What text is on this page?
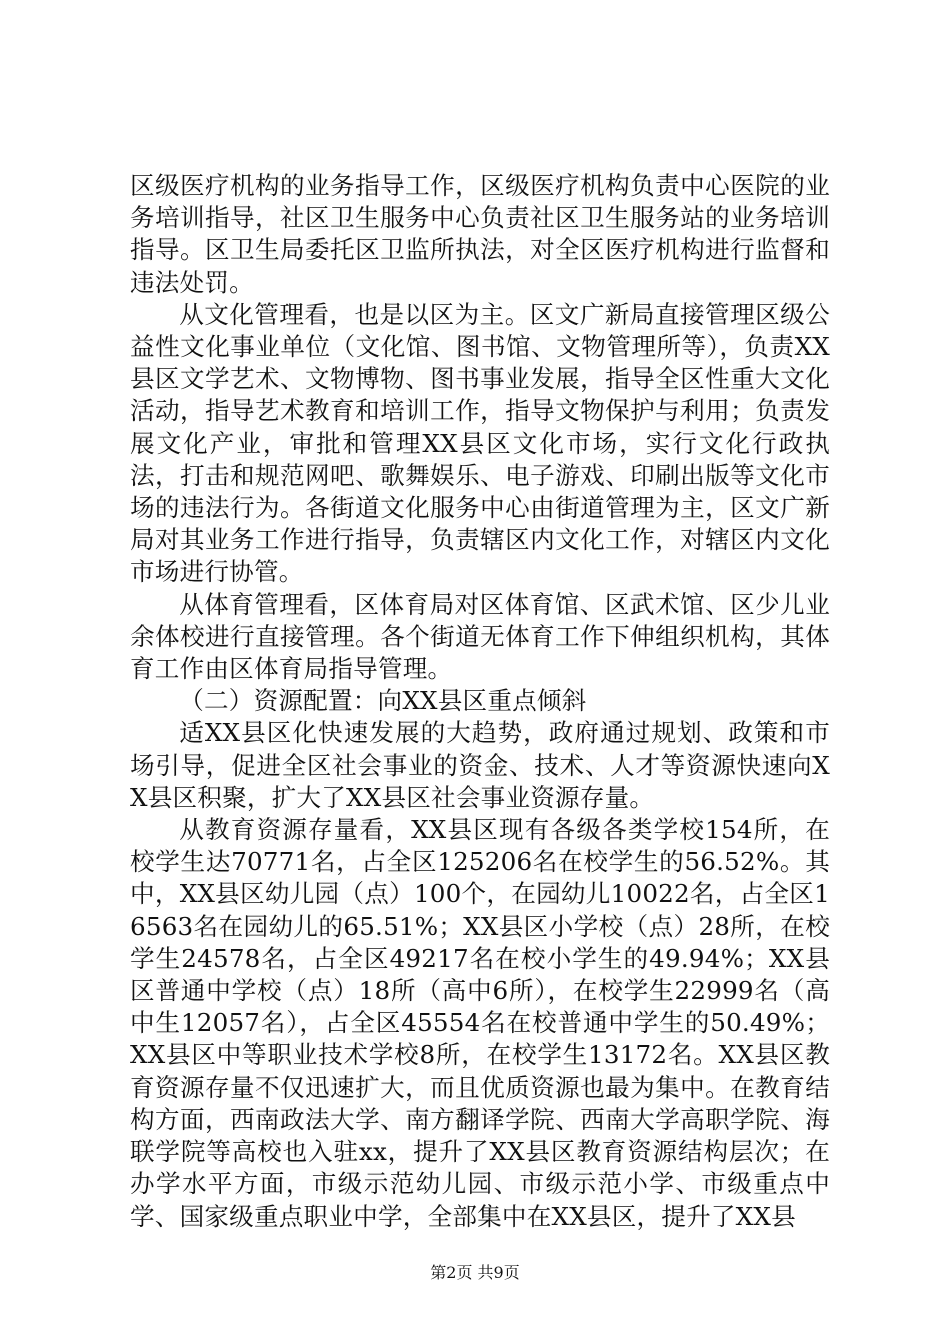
区级医疗机构的业务指导工作，区级医疗机构负责中心医院的业务培训指导，社区卫生服务中心负责社区卫生服务站的业务培训指导。区卫生局委托区卫监所执法，对全区医疗机构进行监督和违法处罚。

从文化管理看，也是以区为主。区文广新局直接管理区级公益性文化事业单位（文化馆、图书馆、文物管理所等），负责XX县区文学艺术、文物博物、图书事业发展，指导全区性重大文化活动，指导艺术教育和培训工作，指导文物保护与利用；负责发展文化产业，审批和管理XX县区文化市场，实行文化行政执法，打击和规范网吧、歌舞娱乐、电子游戏、印刷出版等文化市场的违法行为。各街道文化服务中心由街道管理为主，区文广新局对其业务工作进行指导，负责辖区内文化工作，对辖区内文化市场进行协管。

从体育管理看，区体育局对区体育馆、区武术馆、区少儿业余体校进行直接管理。各个街道无体育工作下伸组织机构，其体育工作由区体育局指导管理。

（二）资源配置：向XX县区重点倾斜

适XX县区化快速发展的大趋势，政府通过规划、政策和市场引导，促进全区社会事业的资金、技术、人才等资源快速向XX县区积聚，扩大了XX县区社会事业资源存量。

从教育资源存量看，XX县区现有各级各类学校154所，在校学生达70771名，占全区125206名在校学生的56.52%。其中，XX县区幼儿园（点）100个，在园幼儿10022名，占全区16563名在园幼儿的65.51%；XX县区小学校（点）28所，在校学生24578名，占全区49217名在校小学生的49.94%；XX县区普通中学校（点）18所（高中6所），在校学生22999名（高中生12057名），占全区45554名在校普通中学生的50.49%；XX县区中等职业技术学校8所，在校学生13172名。XX县区教育资源存量不仅迅速扩大，而且优质资源也最为集中。在教育结构方面，西南政法大学、南方翻译学院、西南大学高职学院、海联学院等高校也入驻xx，提升了XX县区教育资源结构层次；在办学水平方面，市级示范幼儿园、市级示范小学、市级重点中学、国家级重点职业中学，全部集中在XX县区，提升了XX县

第2页 共9页
